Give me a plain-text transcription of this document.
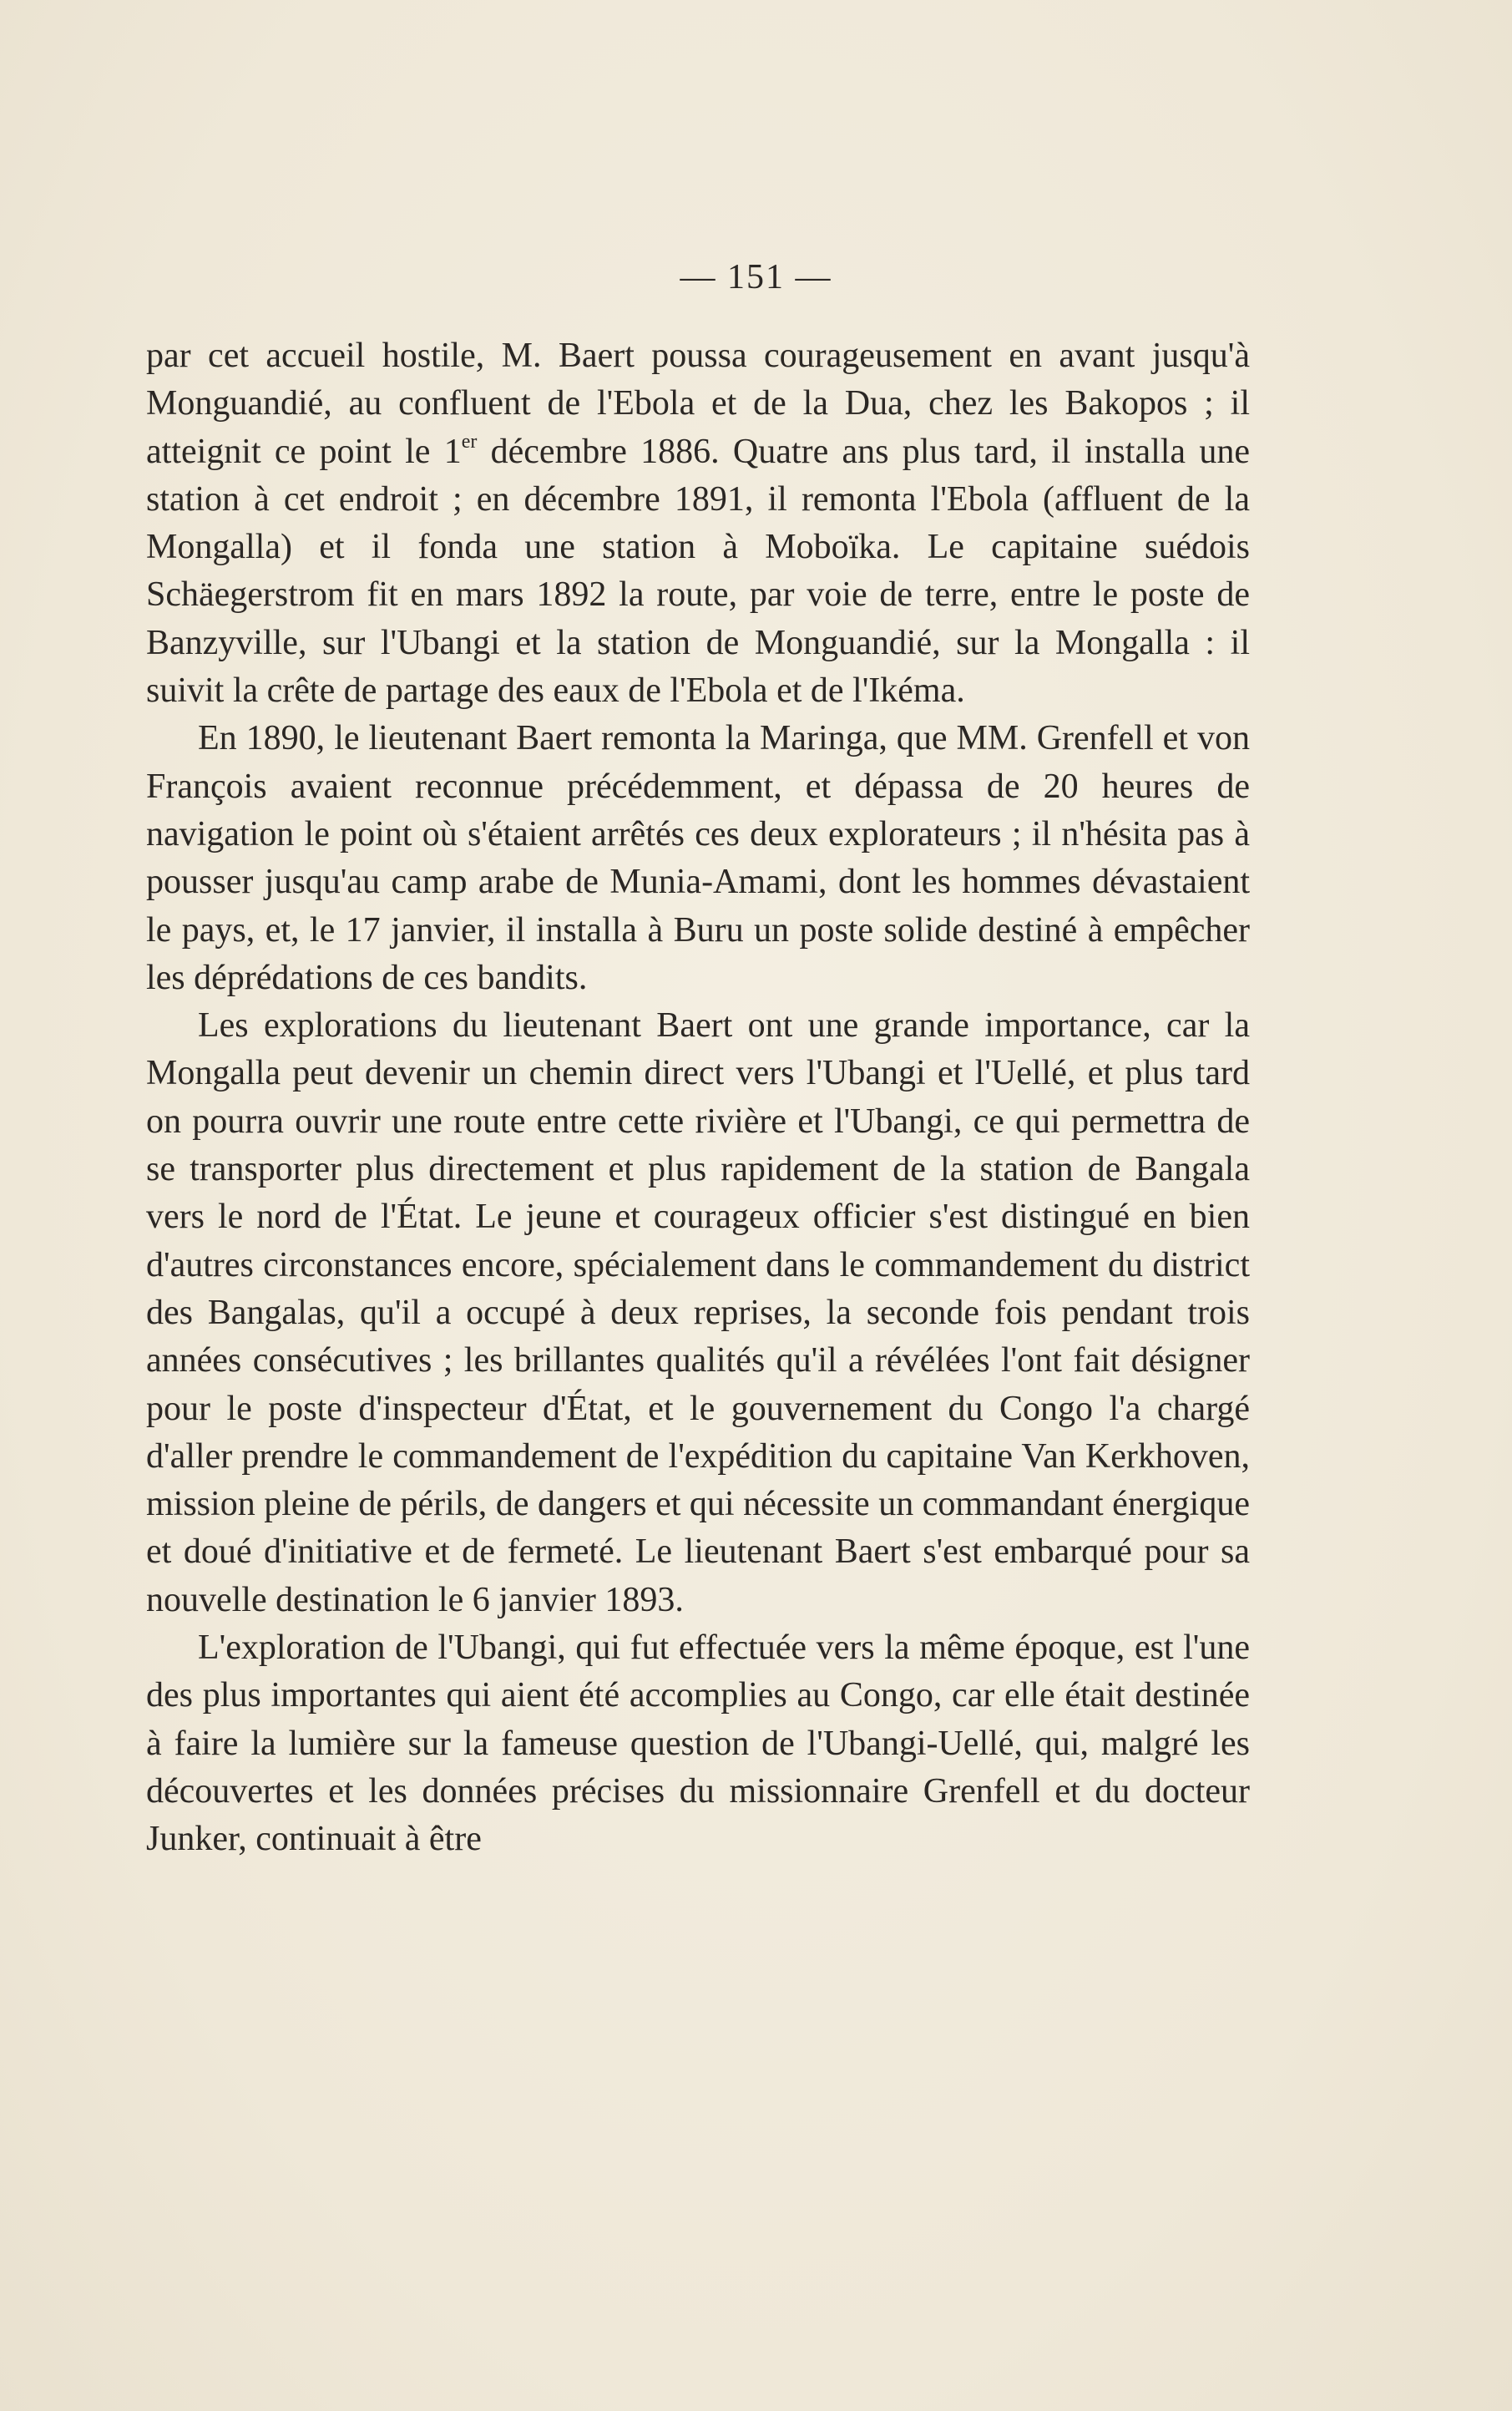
— 151 —

par cet accueil hostile, M. Baert poussa courageusement en avant jusqu'à Monguandié, au confluent de l'Ebola et de la Dua, chez les Bakopos ; il atteignit ce point le 1er décembre 1886. Quatre ans plus tard, il installa une station à cet endroit ; en décembre 1891, il remonta l'Ebola (affluent de la Mongalla) et il fonda une station à Moboïka. Le capitaine suédois Schäegerstrom fit en mars 1892 la route, par voie de terre, entre le poste de Banzyville, sur l'Ubangi et la station de Monguandié, sur la Mongalla : il suivit la crête de partage des eaux de l'Ebola et de l'Ikéma.

En 1890, le lieutenant Baert remonta la Maringa, que MM. Grenfell et von François avaient reconnue précédemment, et dépassa de 20 heures de navigation le point où s'étaient arrêtés ces deux explorateurs ; il n'hésita pas à pousser jusqu'au camp arabe de Munia-Amami, dont les hommes dévastaient le pays, et, le 17 janvier, il installa à Buru un poste solide destiné à empêcher les déprédations de ces bandits.

Les explorations du lieutenant Baert ont une grande importance, car la Mongalla peut devenir un chemin direct vers l'Ubangi et l'Uellé, et plus tard on pourra ouvrir une route entre cette rivière et l'Ubangi, ce qui permettra de se transporter plus directement et plus rapidement de la station de Bangala vers le nord de l'État. Le jeune et courageux officier s'est distingué en bien d'autres circonstances encore, spécialement dans le commandement du district des Bangalas, qu'il a occupé à deux reprises, la seconde fois pendant trois années consécutives ; les brillantes qualités qu'il a révélées l'ont fait désigner pour le poste d'inspecteur d'État, et le gouvernement du Congo l'a chargé d'aller prendre le commandement de l'expédition du capitaine Van Kerkhoven, mission pleine de périls, de dangers et qui nécessite un commandant énergique et doué d'initiative et de fermeté. Le lieutenant Baert s'est embarqué pour sa nouvelle destination le 6 janvier 1893.

L'exploration de l'Ubangi, qui fut effectuée vers la même époque, est l'une des plus importantes qui aient été accomplies au Congo, car elle était destinée à faire la lumière sur la fameuse question de l'Ubangi-Uellé, qui, malgré les découvertes et les données précises du missionnaire Grenfell et du docteur Junker, continuait à être
